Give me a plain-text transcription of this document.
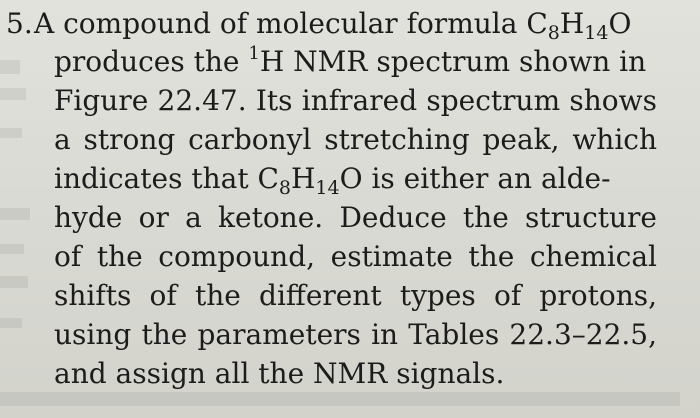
5. A compound of molecular formula $C_8H_{14}O$
produces the $^1$H NMR spectrum shown in
Figure 22.47. Its infrared spectrum shows
a strong carbonyl stretching peak, which
indicates that $C_8H_{14}O$ is either an alde-
hyde or a ketone. Deduce the structure
of the compound, estimate the chemical
shifts of the different types of protons,
using the parameters in Tables 22.3–22.5,
and assign all the NMR signals.
